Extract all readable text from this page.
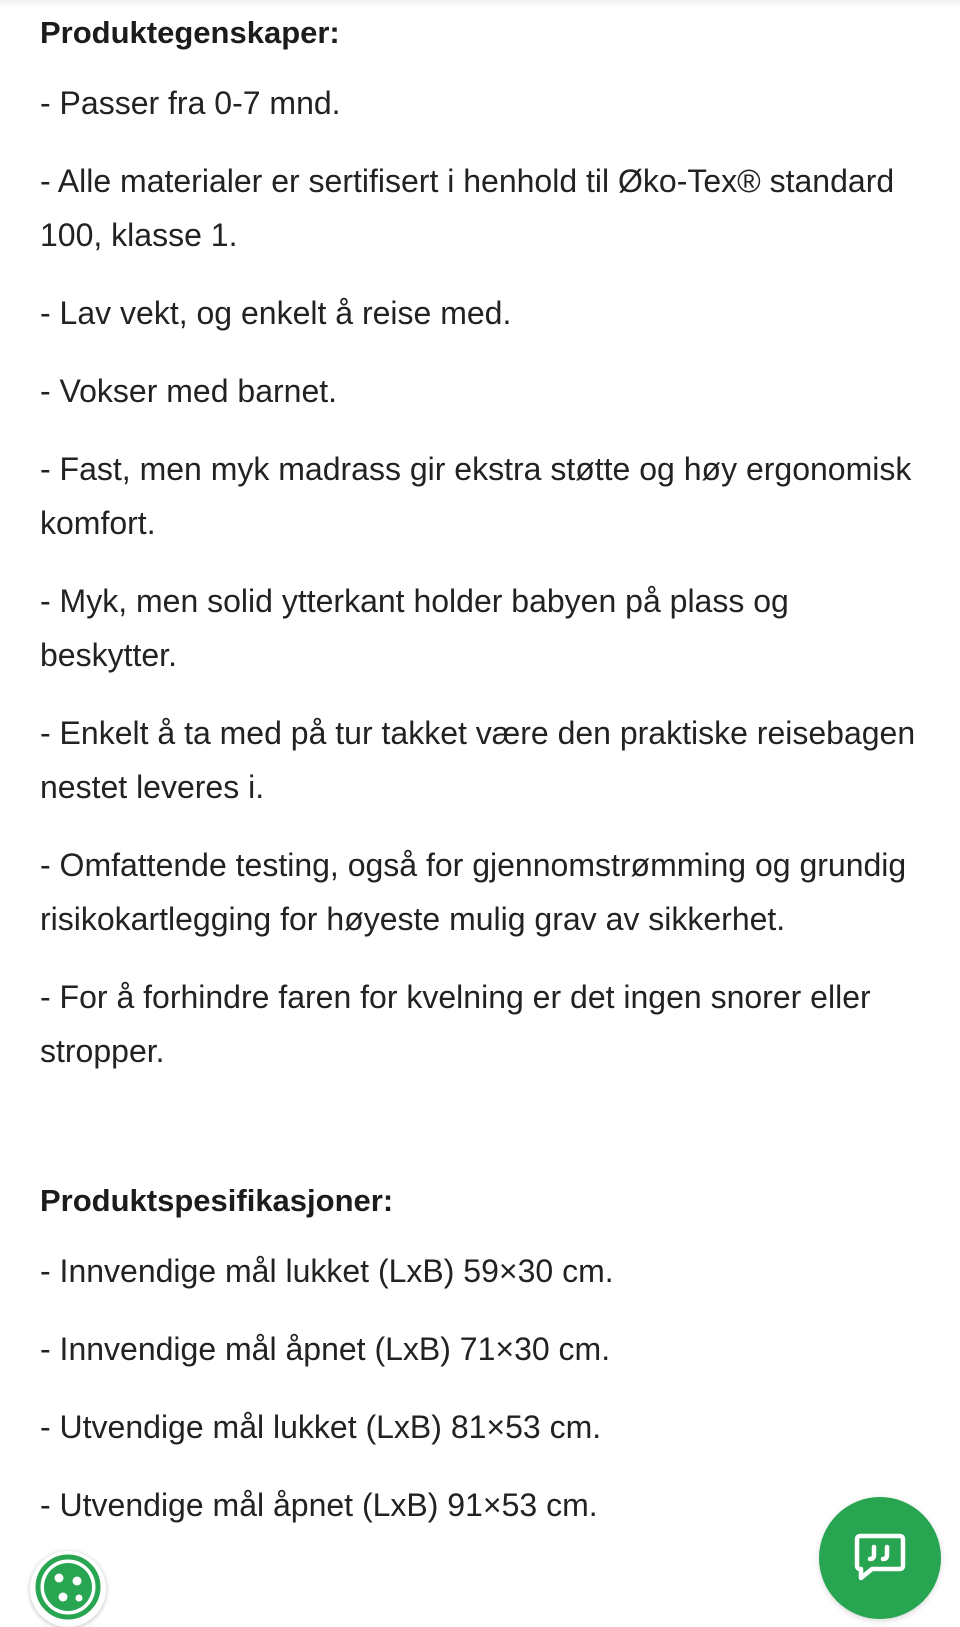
Produktegenskaper:
- Passer fra 0-7 mnd.
- Alle materialer er sertifisert i henhold til Øko-Tex® standard 100, klasse 1.
- Lav vekt, og enkelt å reise med.
- Vokser med barnet.
- Fast, men myk madrass gir ekstra støtte og høy ergonomisk komfort.
- Myk, men solid ytterkant holder babyen på plass og beskytter.
- Enkelt å ta med på tur takket være den praktiske reisebagen nestet leveres i.
- Omfattende testing, også for gjennomstrømming og grundig risikokartlegging for høyeste mulig grav av sikkerhet.
- For å forhindre faren for kvelning er det ingen snorer eller stropper.
Produktspesifikasjoner:
- Innvendige mål lukket (LxB) 59×30 cm.
- Innvendige mål åpnet (LxB) 71×30 cm.
- Utvendige mål lukket (LxB) 81×53 cm.
- Utvendige mål åpnet (LxB) 91×53 cm.
